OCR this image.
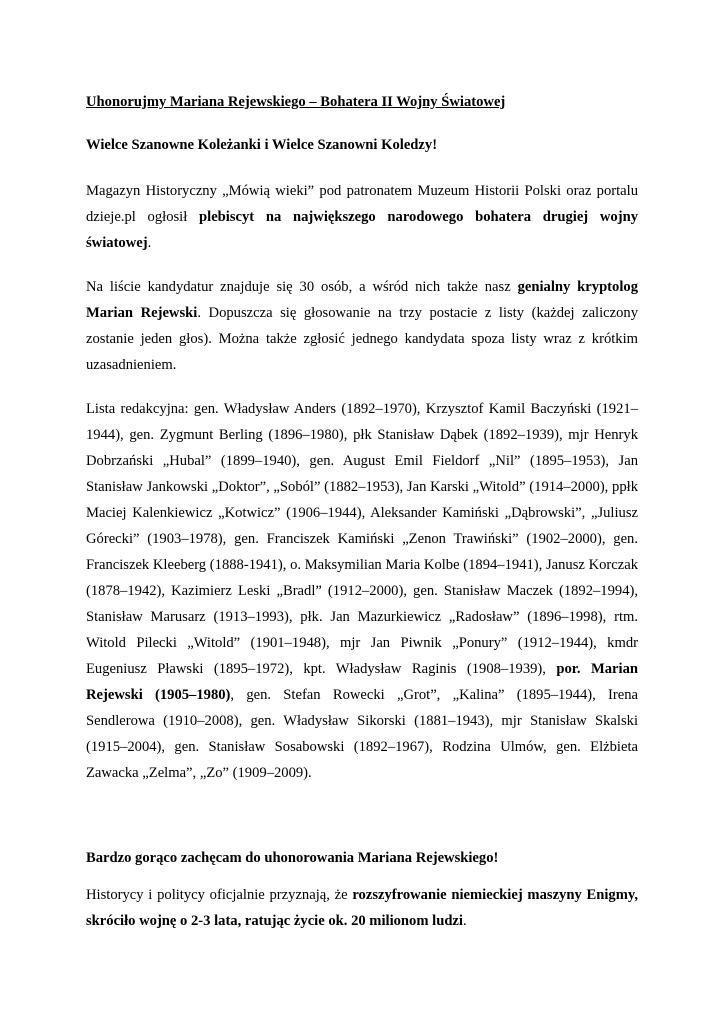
Uhonorujmy Mariana Rejewskiego – Bohatera II Wojny Światowej
Wielce Szanowne Koleżanki i Wielce Szanowni Koledzy!

Magazyn Historyczny „Mówią wieki” pod patronatem Muzeum Historii Polski oraz portalu dzieje.pl ogłosił plebiscyt na największego narodowego bohatera drugiej wojny światowej.

Na liście kandydatur znajduje się 30 osób, a wśród nich także nasz genialny kryptolog Marian Rejewski. Dopuszcza się głosowanie na trzy postacie z listy (każdej zaliczony zostanie jeden głos). Można także zgłosić jednego kandydata spoza listy wraz z krótkim uzasadnieniem.

Lista redakcyjna: gen. Władysław Anders (1892–1970), Krzysztof Kamil Baczyński (1921–1944), gen. Zygmunt Berling (1896–1980), płk Stanisław Dąbek (1892–1939), mjr Henryk Dobrzański „Hubal” (1899–1940), gen. August Emil Fieldorf „Nil” (1895–1953), Jan Stanisław Jankowski „Doktor”, „Soból” (1882–1953), Jan Karski „Witold” (1914–2000), ppłk Maciej Kalenkiewicz „Kotwicz” (1906–1944), Aleksander Kamiński „Dąbrowski”, „Juliusz Górecki” (1903–1978), gen. Franciszek Kamiński „Zenon Trawiński” (1902–2000), gen. Franciszek Kleeberg (1888-1941), o. Maksymilian Maria Kolbe (1894–1941), Janusz Korczak (1878–1942), Kazimierz Leski „Bradl” (1912–2000), gen. Stanisław Maczek (1892–1994), Stanisław Marusarz (1913–1993), płk. Jan Mazurkiewicz „Radosław” (1896–1998), rtm. Witold Pilecki „Witold” (1901–1948), mjr Jan Piwnik „Ponury” (1912–1944), kmdr Eugeniusz Pławski (1895–1972), kpt. Władysław Raginis (1908–1939), por. Marian Rejewski (1905–1980), gen. Stefan Rowecki „Grot”, „Kalina” (1895–1944), Irena Sendlerowa (1910–2008), gen. Władysław Sikorski (1881–1943), mjr Stanisław Skalski (1915–2004), gen. Stanisław Sosabowski (1892–1967), Rodzina Ulmów, gen. Elżbieta Zawacka „Zelma”, „Zo” (1909–2009).

Bardzo gorąco zachęcam do uhonorowania Mariana Rejewskiego!

Historycy i politycy oficjalnie przyznają, że rozszyfrowanie niemieckiej maszyny Enigmy, skróciło wojnę o 2-3 lata, ratując życie ok. 20 milionom ludzi.
